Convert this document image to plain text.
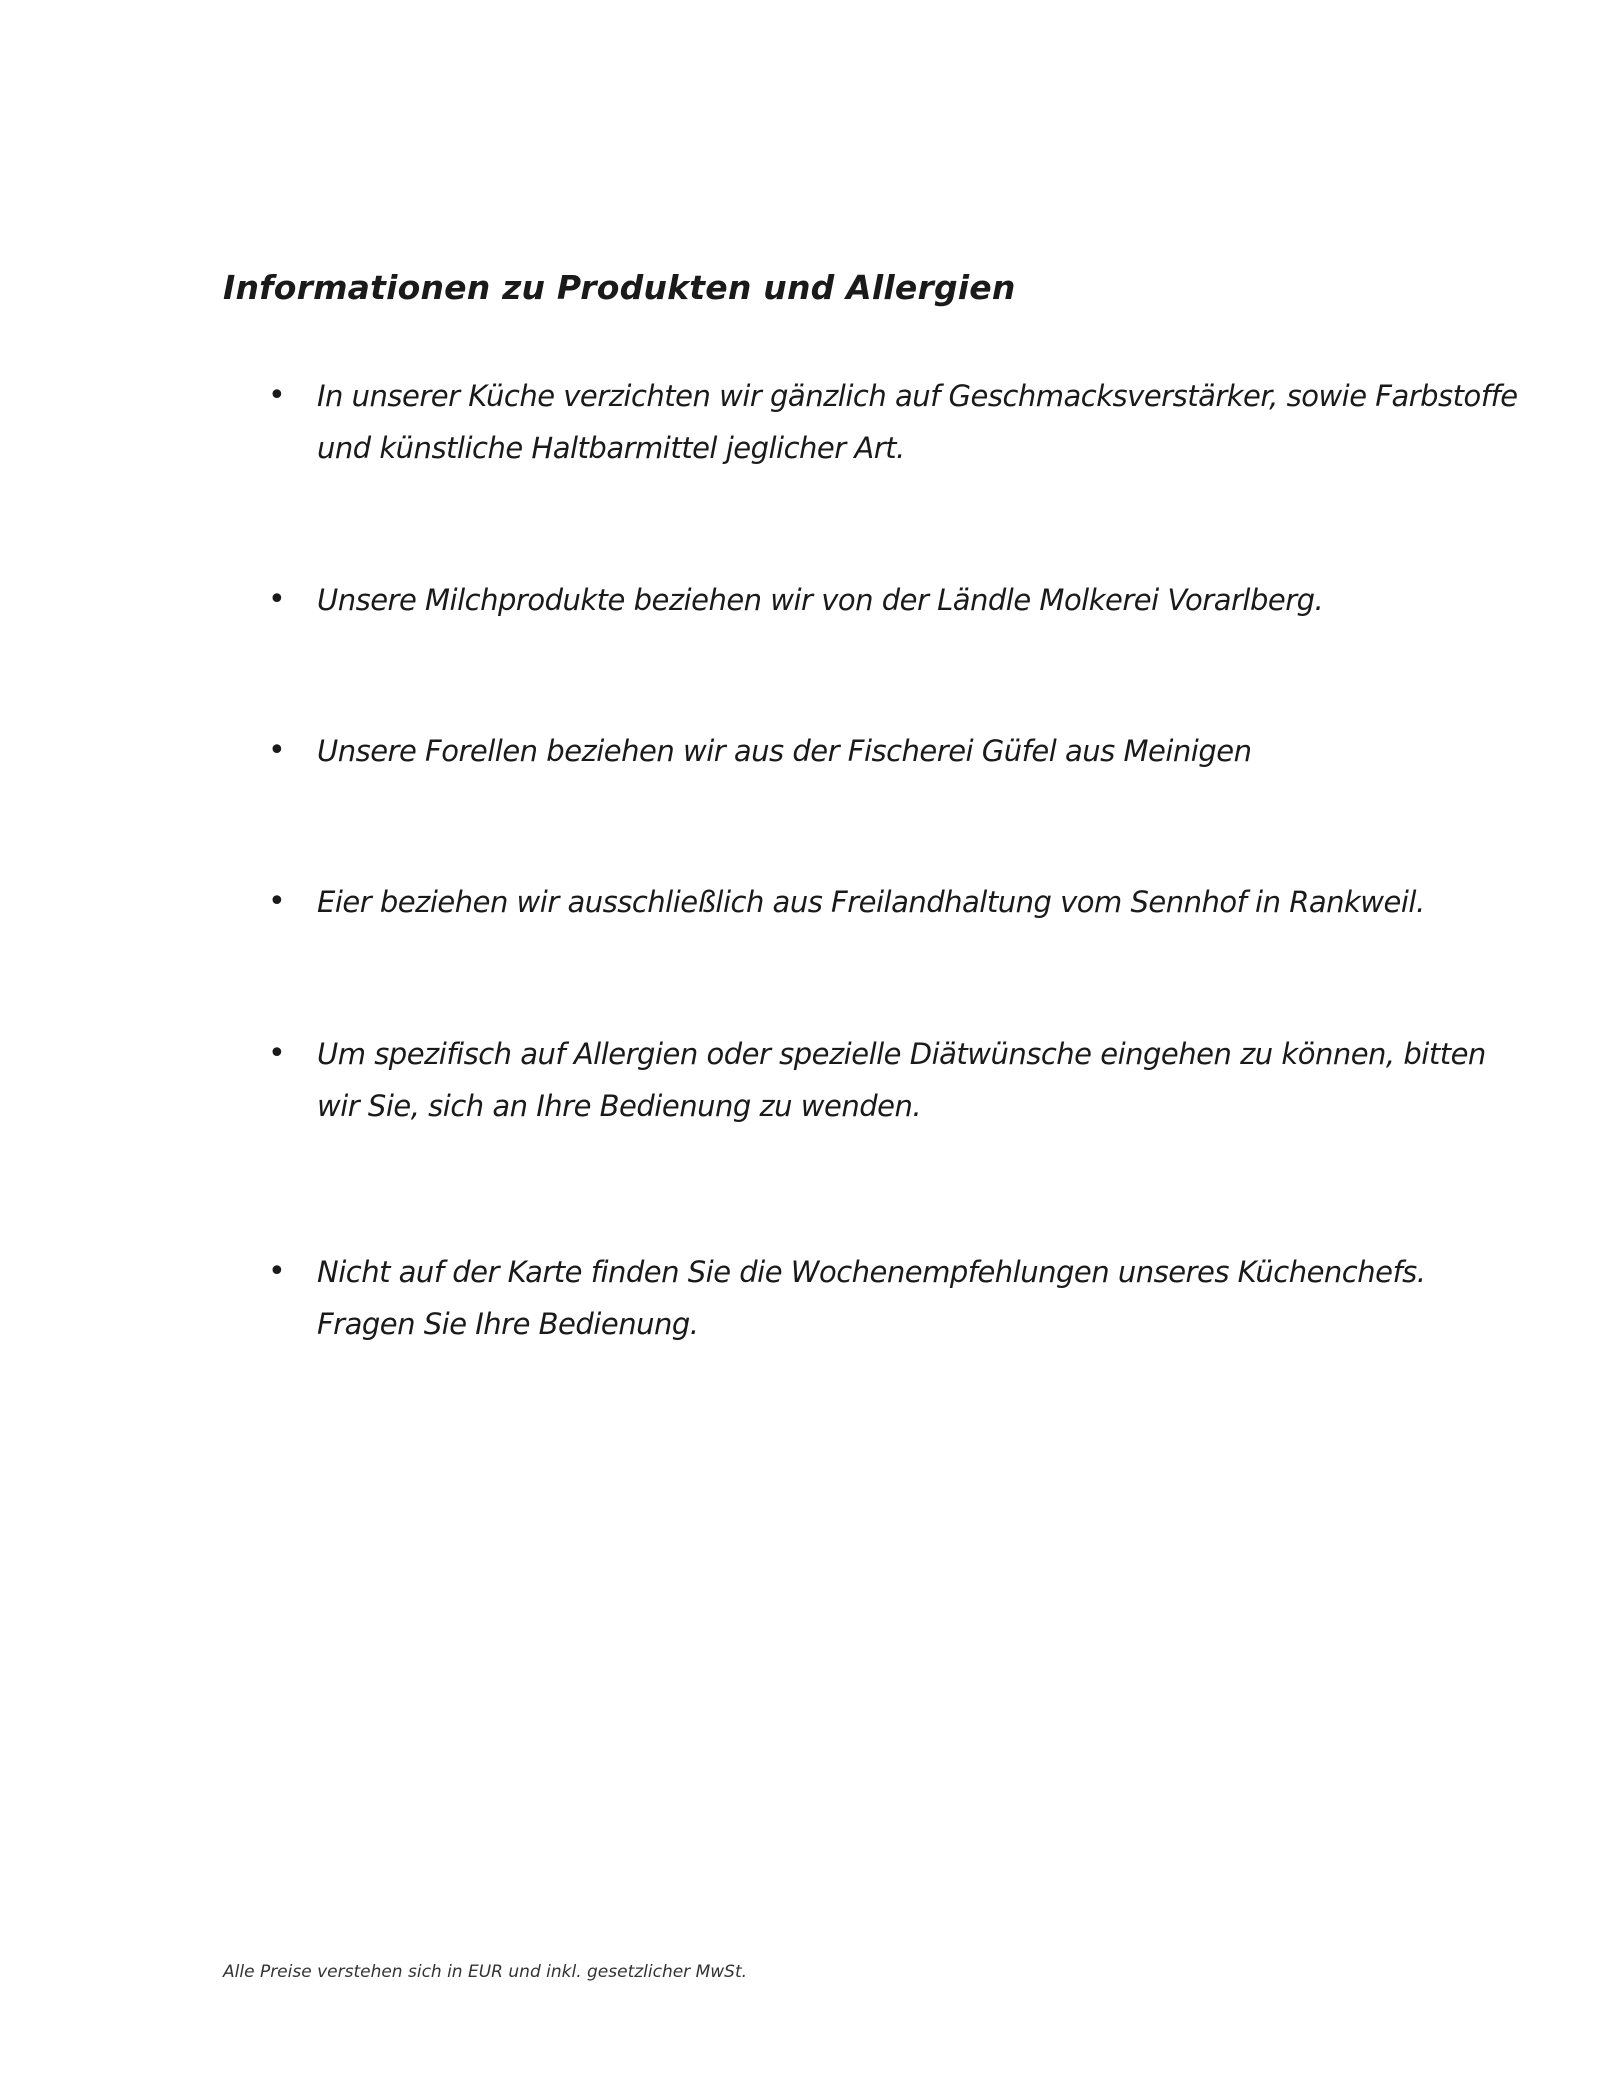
Informationen zu Produkten und Allergien
•	In unserer Küche verzichten wir gänzlich auf Geschmacksverstärker, sowie Farbstoffe und künstliche Haltbarmittel jeglicher Art.
•	Unsere Milchprodukte beziehen wir von der Ländle Molkerei Vorarlberg.
•	Unsere Forellen beziehen wir aus der Fischerei Güfel aus Meinigen
•	Eier beziehen wir ausschließlich aus Freilandhaltung vom Sennhof in Rankweil.
•	Um spezifisch auf Allergien oder spezielle Diätwünsche eingehen zu können, bitten wir Sie, sich an Ihre Bedienung zu wenden.
•	Nicht auf der Karte finden Sie die Wochenempfehlungen unseres Küchenchefs. Fragen Sie Ihre Bedienung.

Alle Preise verstehen sich in EUR und inkl. gesetzlicher MwSt.
